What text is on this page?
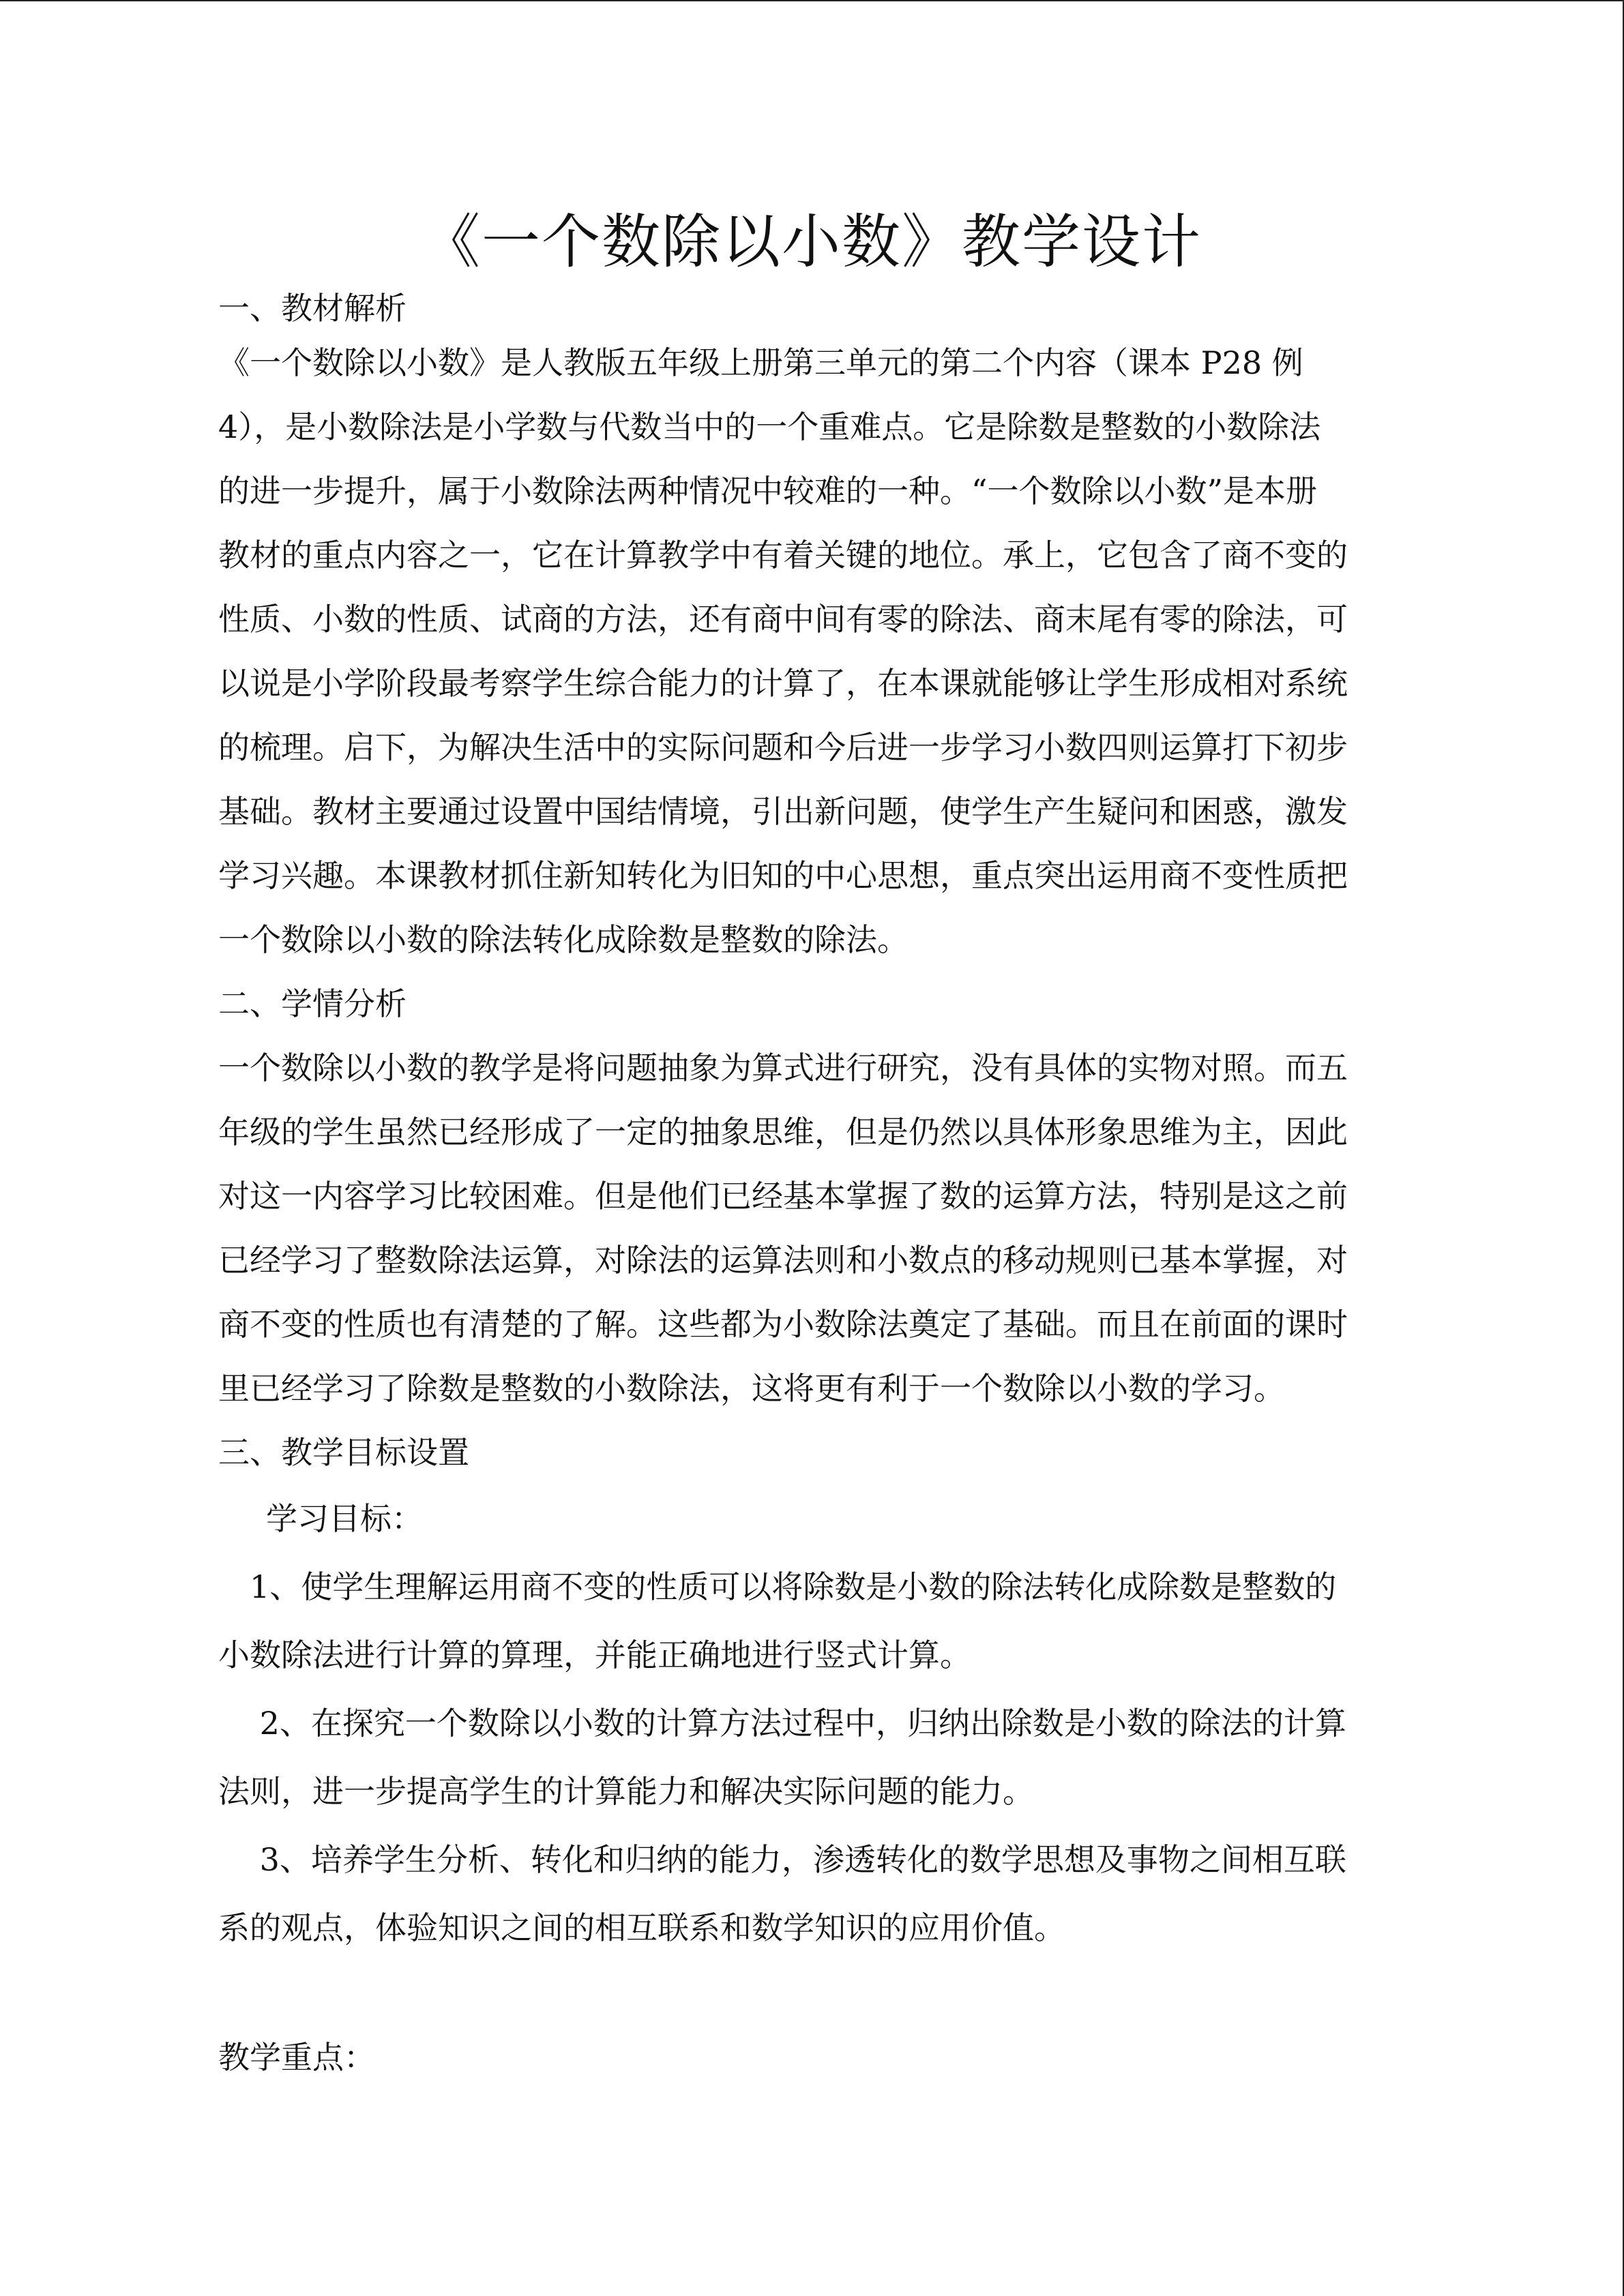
《一个数除以小数》教学设计

一、教材解析

《一个数除以小数》是人教版五年级上册第三单元的第二个内容（课本 P28 例

4），是小数除法是小学数与代数当中的一个重难点。它是除数是整数的小数除法

的进一步提升，属于小数除法两种情况中较难的一种。“一个数除以小数”是本册

教材的重点内容之一，它在计算教学中有着关键的地位。承上，它包含了商不变的

性质、小数的性质、试商的方法，还有商中间有零的除法、商末尾有零的除法，可

以说是小学阶段最考察学生综合能力的计算了，在本课就能够让学生形成相对系统

的梳理。启下，为解决生活中的实际问题和今后进一步学习小数四则运算打下初步

基础。教材主要通过设置中国结情境，引出新问题，使学生产生疑问和困惑，激发

学习兴趣。本课教材抓住新知转化为旧知的中心思想，重点突出运用商不变性质把

一个数除以小数的除法转化成除数是整数的除法。

二、学情分析

一个数除以小数的教学是将问题抽象为算式进行研究，没有具体的实物对照。而五

年级的学生虽然已经形成了一定的抽象思维，但是仍然以具体形象思维为主，因此

对这一内容学习比较困难。但是他们已经基本掌握了数的运算方法，特别是这之前

已经学习了整数除法运算，对除法的运算法则和小数点的移动规则已基本掌握，对

商不变的性质也有清楚的了解。这些都为小数除法奠定了基础。而且在前面的课时

里已经学习了除数是整数的小数除法，这将更有利于一个数除以小数的学习。

三、教学目标设置

学习目标：

　1、使学生理解运用商不变的性质可以将除数是小数的除法转化成除数是整数的

小数除法进行计算的算理，并能正确地进行竖式计算。

　 2、在探究一个数除以小数的计算方法过程中，归纳出除数是小数的除法的计算

法则，进一步提高学生的计算能力和解决实际问题的能力。

　 3、培养学生分析、转化和归纳的能力，渗透转化的数学思想及事物之间相互联

系的观点，体验知识之间的相互联系和数学知识的应用价值。

教学重点：
